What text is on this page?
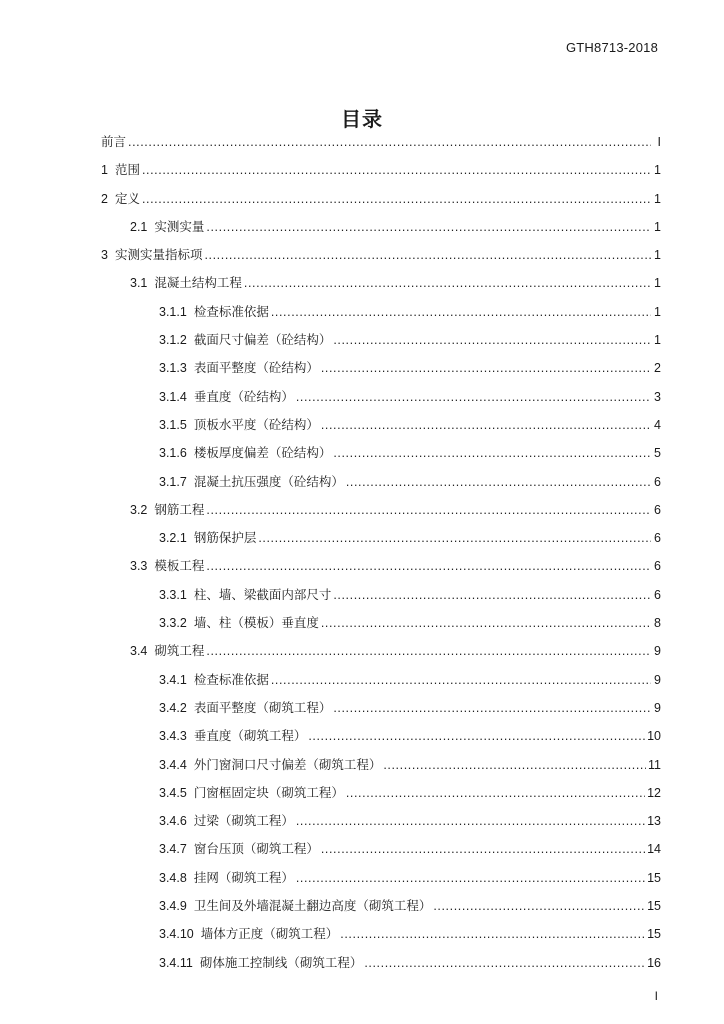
GTH8713-2018
目录
前言 .....	I
1 范围 .....	1
2 定义 .....	1
2.1 实测实量 .....	1
3 实测实量指标项 .....	1
3.1 混凝土结构工程 .....	1
3.1.1 检查标准依据 .....	1
3.1.2 截面尺寸偏差（砼结构） .....	1
3.1.3 表面平整度（砼结构） .....	2
3.1.4 垂直度（砼结构） .....	3
3.1.5 顶板水平度（砼结构） .....	4
3.1.6 楼板厚度偏差（砼结构） .....	5
3.1.7 混凝土抗压强度（砼结构） .....	6
3.2 钢筋工程 .....	6
3.2.1 钢筋保护层 .....	6
3.3 模板工程 .....	6
3.3.1 柱、墙、梁截面内部尺寸 .....	6
3.3.2 墙、柱（模板）垂直度 .....	8
3.4 砌筑工程 .....	9
3.4.1 检查标准依据 .....	9
3.4.2 表面平整度（砌筑工程） .....	9
3.4.3 垂直度（砌筑工程） .....	10
3.4.4 外门窗洞口尺寸偏差（砌筑工程） .....	11
3.4.5 门窗框固定块（砌筑工程） .....	12
3.4.6 过梁（砌筑工程） .....	13
3.4.7 窗台压顶（砌筑工程） .....	14
3.4.8 挂网（砌筑工程） .....	15
3.4.9 卫生间及外墙混凝土翻边高度（砌筑工程） .....	15
3.4.10 墙体方正度（砌筑工程） .....	15
3.4.11 砌体施工控制线（砌筑工程） .....	16
I
